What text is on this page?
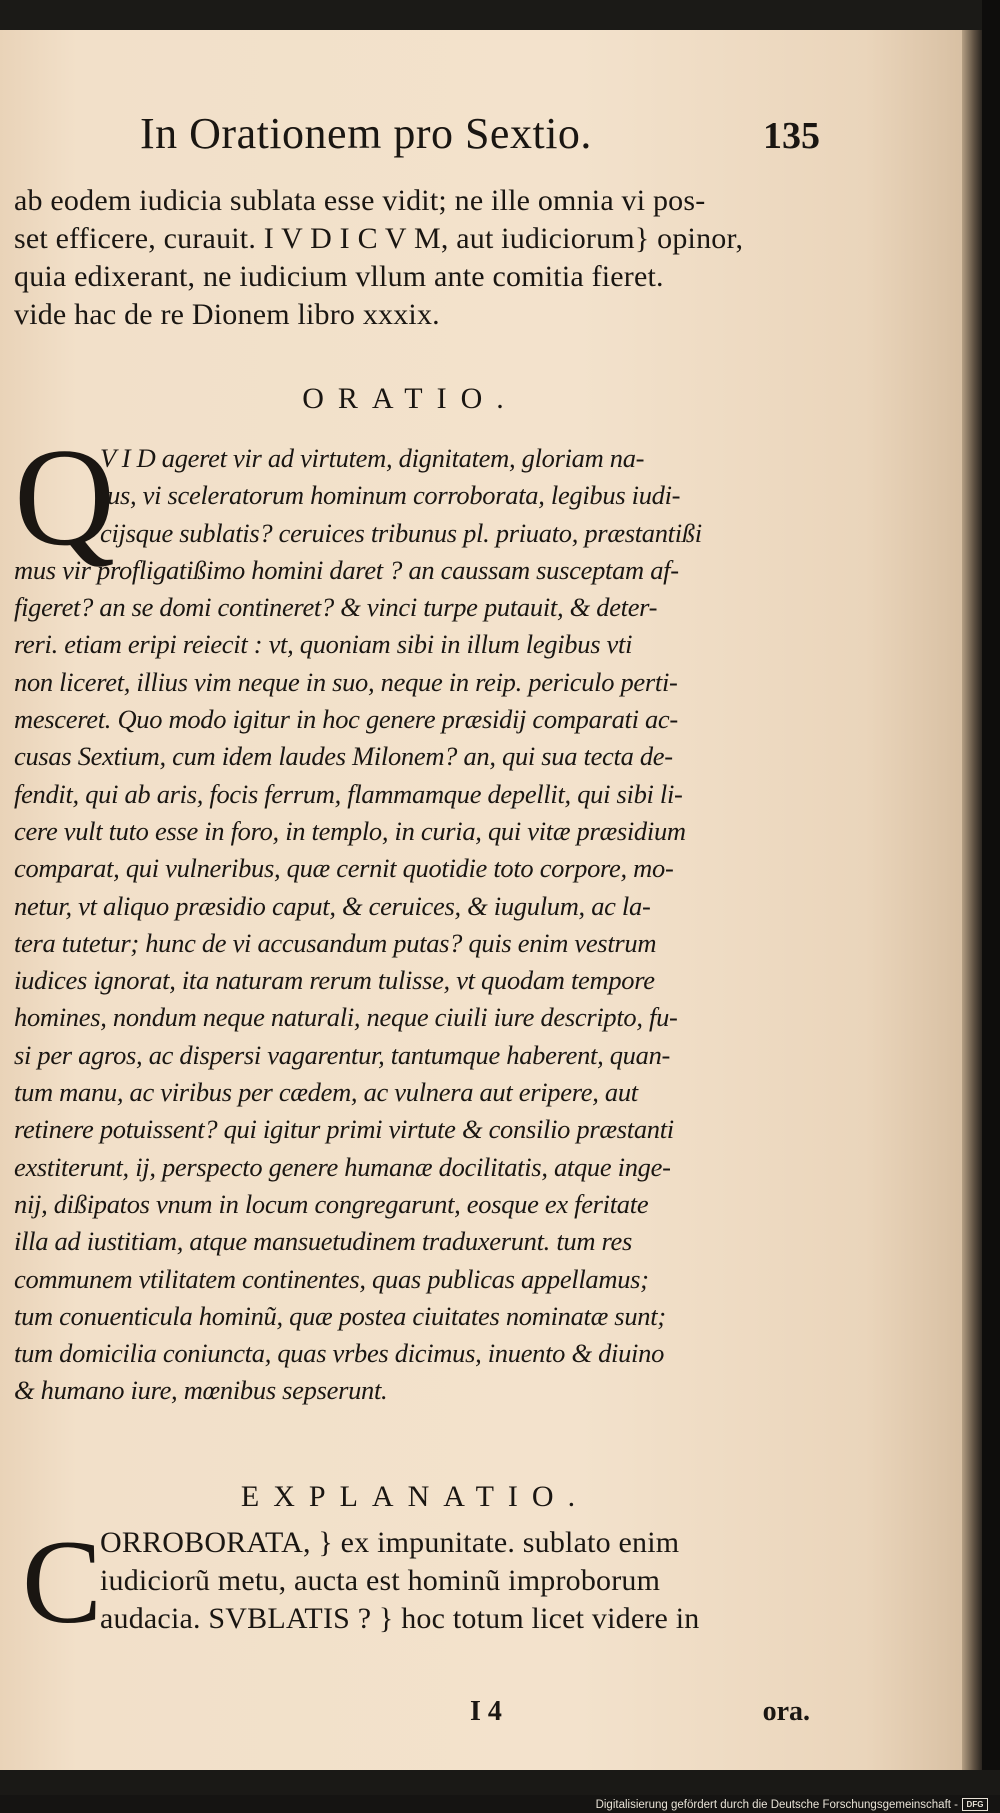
In Orationem pro Sextio.	135
ab eodem iudicia sublata esse vidit; ne ille omnia vi pos-
set efficere, curauit. I V D I C V M, aut iudiciorum} opinor,
quia edixerant, ne iudicium vllum ante comitia fieret.
vide hac de re Dionem libro xxxix.
ORATIO.
Q
V I D ageret vir ad virtutem, dignitatem, gloriam na-
tus, vi sceleratorum hominum corroborata, legibus iudi-
cijsque sublatis? ceruices tribunus pl. priuato, præstantißi
mus vir profligatißimo homini daret ? an caussam susceptam af-
figeret? an se domi contineret? & vinci turpe putauit, & deter-
reri. etiam eripi reiecit : vt, quoniam sibi in illum legibus vti
non liceret, illius vim neque in suo, neque in reip. periculo perti-
mesceret. Quo modo igitur in hoc genere præsidij comparati ac-
cusas Sextium, cum idem laudes Milonem? an, qui sua tecta de-
fendit, qui ab aris, focis ferrum, flammamque depellit, qui sibi li-
cere vult tuto esse in foro, in templo, in curia, qui vitæ præsidium
comparat, qui vulneribus, quæ cernit quotidie toto corpore, mo-
netur, vt aliquo præsidio caput, & ceruices, & iugulum, ac la-
tera tutetur; hunc de vi accusandum putas? quis enim vestrum
iudices ignorat, ita naturam rerum tulisse, vt quodam tempore
homines, nondum neque naturali, neque ciuili iure descripto, fu-
si per agros, ac dispersi vagarentur, tantumque haberent, quan-
tum manu, ac viribus per cædem, ac vulnera aut eripere, aut
retinere potuissent? qui igitur primi virtute & consilio præstanti
exstiterunt, ij, perspecto genere humanæ docilitatis, atque inge-
nij, dißipatos vnum in locum congregarunt, eosque ex feritate
illa ad iustitiam, atque mansuetudinem traduxerunt. tum res
communem vtilitatem continentes, quas publicas appellamus;
tum conuenticula hominũ, quæ postea ciuitates nominatæ sunt;
tum domicilia coniuncta, quas vrbes dicimus, inuento & diuino
& humano iure, mœnibus sepserunt.
EXPLANATIO.
C
ORROBORATA, } ex impunitate. sublato enim
iudiciorũ metu, aucta est hominũ improborum
audacia. SVBLATIS ? } hoc totum licet videre in
I 4	ora.
Digitalisierung gefördert durch die Deutsche Forschungsgemeinschaft -	DFG
